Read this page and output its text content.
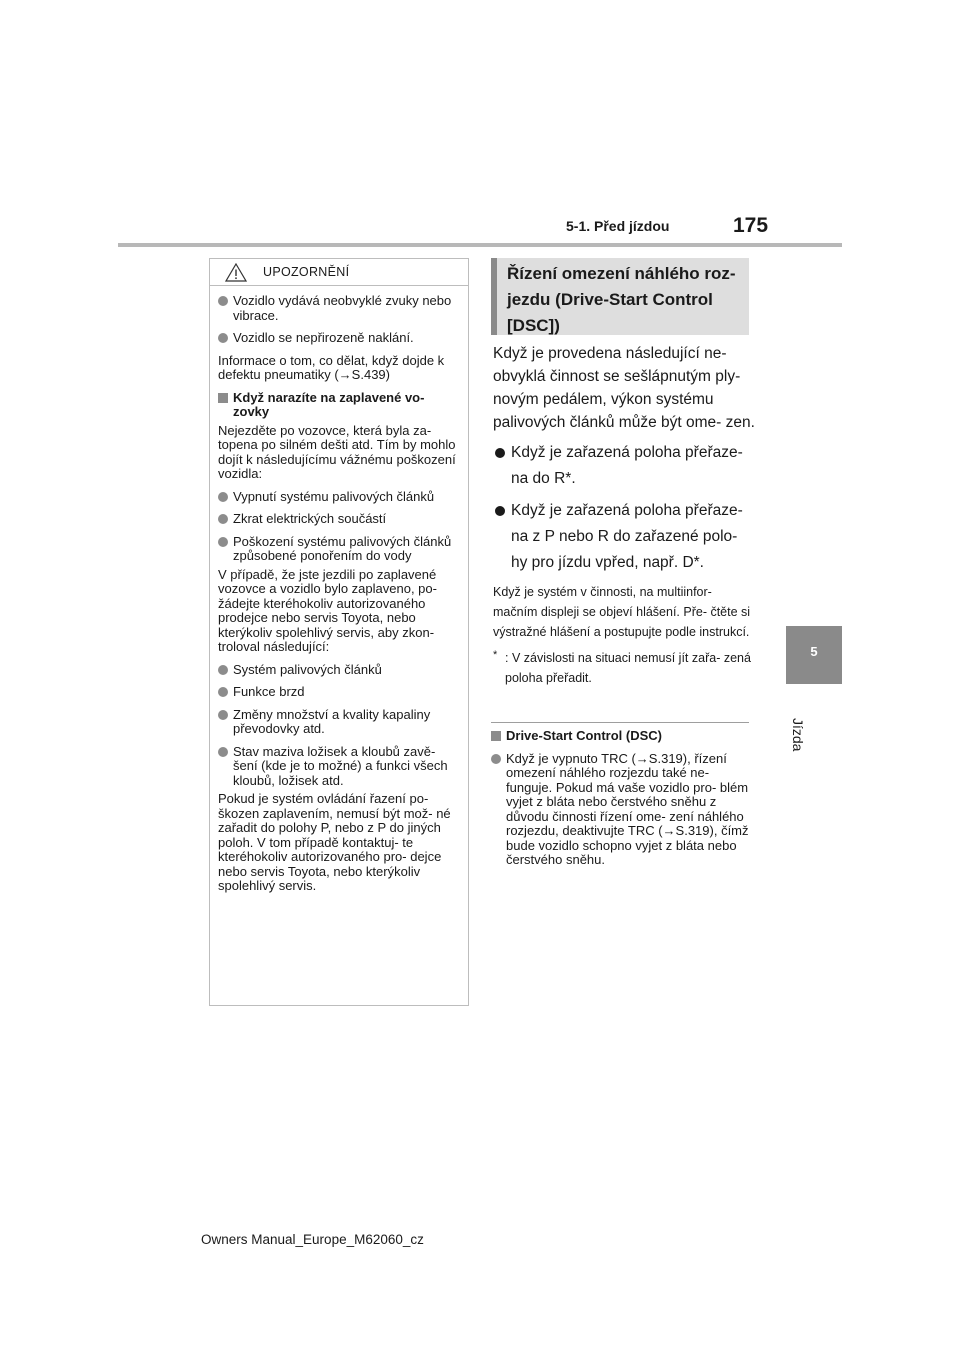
5-1. Před jízdou	175
5
Jízda
UPOZORNĚNÍ
Vozidlo vydává neobvyklé zvuky nebo vibrace.
Vozidlo se nepřirozeně naklání.
Informace o tom, co dělat, když dojde k defektu pneumatiky (→S.439)
Když narazíte na zaplavené vo- zovky
Nejezděte po vozovce, která byla za- topena po silném dešti atd. Tím by mohlo dojít k následujícímu vážnému poškození vozidla:
Vypnutí systému palivových článků
Zkrat elektrických součástí
Poškození systému palivových článků způsobené ponořením do vody
V případě, že jste jezdili po zaplavené vozovce a vozidlo bylo zaplaveno, po- žádejte kteréhokoliv autorizovaného prodejce nebo servis Toyota, nebo kterýkoliv spolehlivý servis, aby zkon- troloval následující:
Systém palivových článků
Funkce brzd
Změny množství a kvality kapaliny převodovky atd.
Stav maziva ložisek a kloubů zavě- šení (kde je to možné) a funkci všech kloubů, ložisek atd.
Pokud je systém ovládání řazení po- škozen zaplavením, nemusí být mož- né zařadit do polohy P, nebo z P do jiných poloh. V tom případě kontaktuj- te kteréhokoliv autorizovaného pro- dejce nebo servis Toyota, nebo kterýkoliv spolehlivý servis.
Řízení omezení náhlého roz-
jezdu (Drive-Start Control
[DSC])
Když je provedena následující ne- obvyklá činnost se sešlápnutým ply- novým pedálem, výkon systému palivových článků může být ome- zen.
Když je zařazená poloha přeřaze- na do R*.
Když je zařazená poloha přeřaze- na z P nebo R do zařazené polo- hy pro jízdu vpřed, např. D*.
Když je systém v činnosti, na multiinfor- mačním displeji se objeví hlášení. Pře- čtěte si výstražné hlášení a postupujte podle instrukcí.
* : V závislosti na situaci nemusí jít zařa- zená poloha přeřadit.
Drive-Start Control (DSC)
Když je vypnuto TRC (→S.319), řízení omezení náhlého rozjezdu také ne- funguje. Pokud má vaše vozidlo pro- blém vyjet z bláta nebo čerstvého sněhu z důvodu činnosti řízení ome- zení náhlého rozjezdu, deaktivujte TRC (→S.319), čímž bude vozidlo schopno vyjet z bláta nebo čerstvého sněhu.
Owners Manual_Europe_M62060_cz
